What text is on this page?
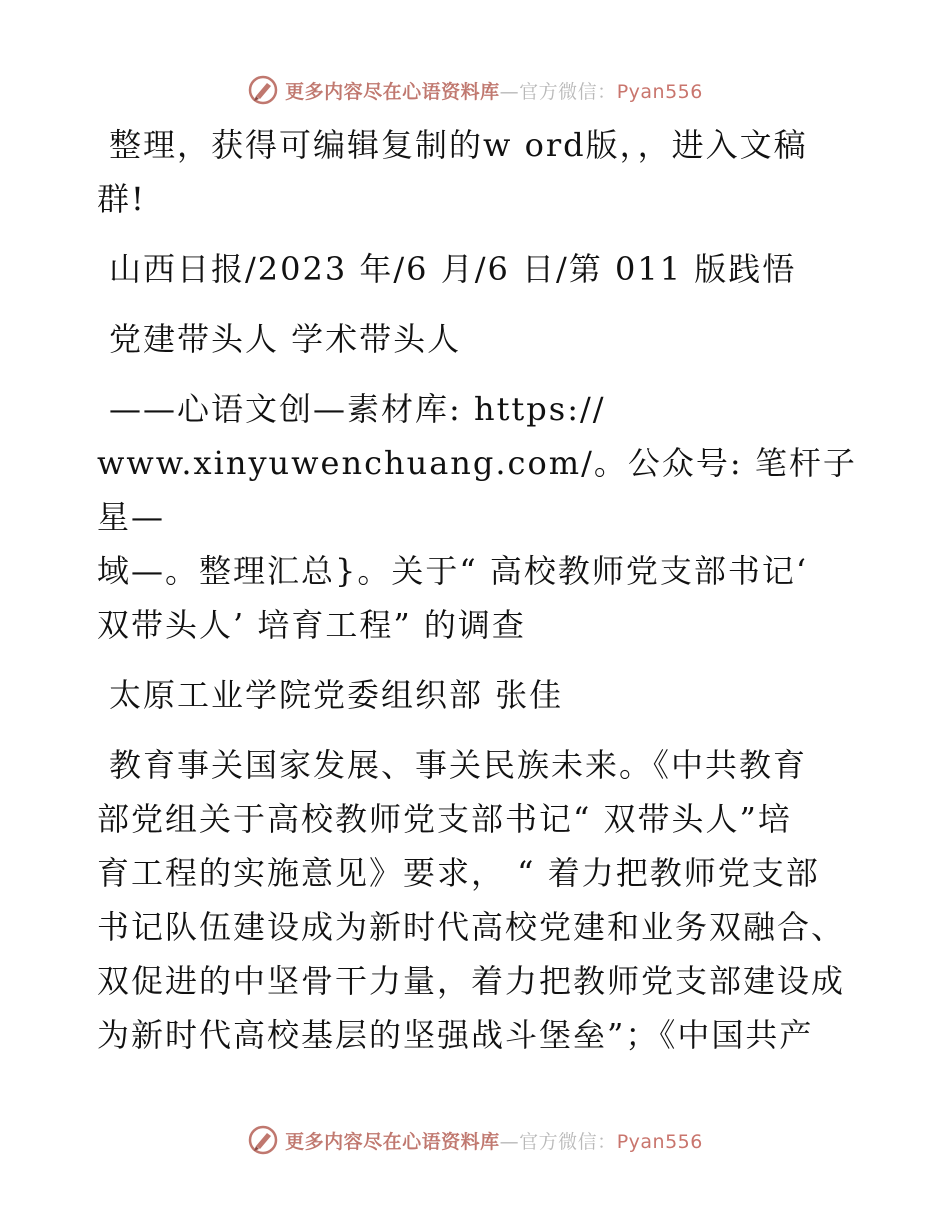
更多内容尽在心语资料库—官方微信：Pyan556

整理，获得可编辑复制的w ord版，，进入文稿
群!

山西日报/2023 年/6 月/6 日/第 011 版践悟

党建带头人 学术带头人

——心语文创—素材库: https://
www.xinyuwenchuang.com/。公众号: 笔杆子星—
域—。整理汇总}。关于“ 高校教师党支部书记‘
双带头人’ 培育工程” 的调查

太原工业学院党委组织部 张佳

教育事关国家发展、事关民族未来。《中共教育
部党组关于高校教师党支部书记“ 双带头人”培
育工程的实施意见》要求， “ 着力把教师党支部
书记队伍建设成为新时代高校党建和业务双融合、
双促进的中坚骨干力量，着力把教师党支部建设成
为新时代高校基层的坚强战斗堡垒”；《中国共产

更多内容尽在心语资料库—官方微信：Pyan556
